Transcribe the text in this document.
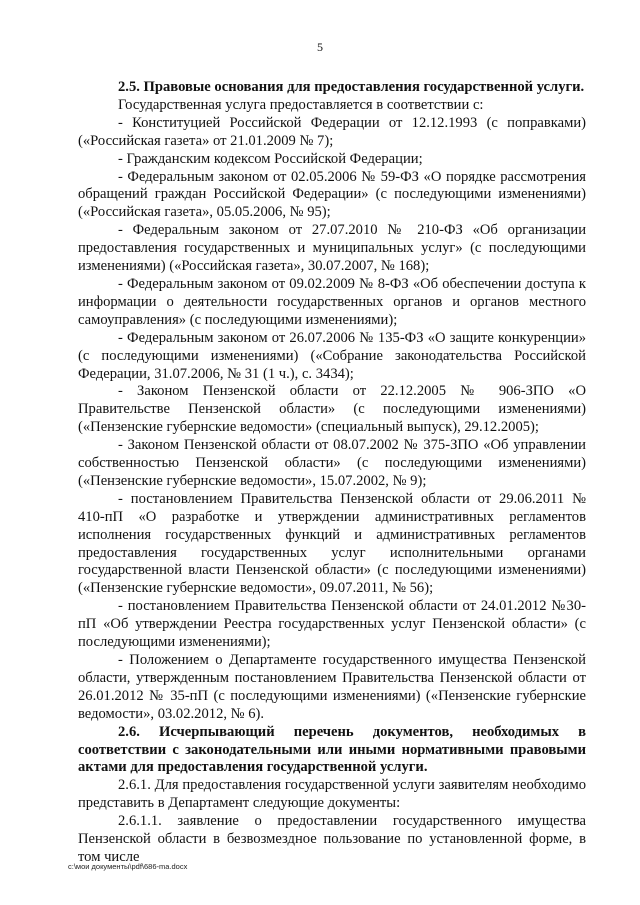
5

2.5. Правовые основания для предоставления государственной услуги.

Государственная услуга предоставляется в соответствии с:

- Конституцией Российской Федерации от 12.12.1993 (с поправками) («Российская газета» от 21.01.2009 № 7);

- Гражданским кодексом Российской Федерации;

- Федеральным законом от 02.05.2006 № 59-ФЗ «О порядке рассмотрения обращений граждан Российской Федерации» (с последующими изменениями) («Российская газета», 05.05.2006, № 95);

- Федеральным законом от 27.07.2010 № 210-ФЗ «Об организации предоставления государственных и муниципальных услуг» (с последующими изменениями) («Российская газета», 30.07.2007, № 168);

- Федеральным законом от 09.02.2009 № 8-ФЗ «Об обеспечении доступа к информации о деятельности государственных органов и органов местного самоуправления» (с последующими изменениями);

- Федеральным законом от 26.07.2006 № 135-ФЗ «О защите конкуренции» (с последующими изменениями) («Собрание законодательства Российской Федерации, 31.07.2006, № 31 (1 ч.), с. 3434);

- Законом Пензенской области от 22.12.2005 № 906-ЗПО «О Правительстве Пензенской области» (с последующими изменениями) («Пензенские губернские ведомости» (специальный выпуск), 29.12.2005);

- Законом Пензенской области от 08.07.2002 № 375-ЗПО «Об управлении собственностью Пензенской области» (с последующими изменениями) («Пензенские губернские ведомости», 15.07.2002, № 9);

- постановлением Правительства Пензенской области от 29.06.2011 № 410-пП «О разработке и утверждении административных регламентов исполнения государственных функций и административных регламентов предоставления государственных услуг исполнительными органами государственной власти Пензенской области» (с последующими изменениями) («Пензенские губернские ведомости», 09.07.2011, № 56);

- постановлением Правительства Пензенской области от 24.01.2012 №30-пП «Об утверждении Реестра государственных услуг Пензенской области» (с последующими изменениями);

- Положением о Департаменте государственного имущества Пензенской области, утвержденным постановлением Правительства Пензенской области от 26.01.2012 № 35-пП (с последующими изменениями) («Пензенские губернские ведомости», 03.02.2012, № 6).

2.6. Исчерпывающий перечень документов, необходимых в соответствии с законодательными или иными нормативными правовыми актами для предоставления государственной услуги.

2.6.1. Для предоставления государственной услуги заявителям необходимо представить в Департамент следующие документы:

2.6.1.1. заявление о предоставлении государственного имущества Пензенской области в безвозмездное пользование по установленной форме, в том числе

c:\мои документы\pdf\686-ma.docx
